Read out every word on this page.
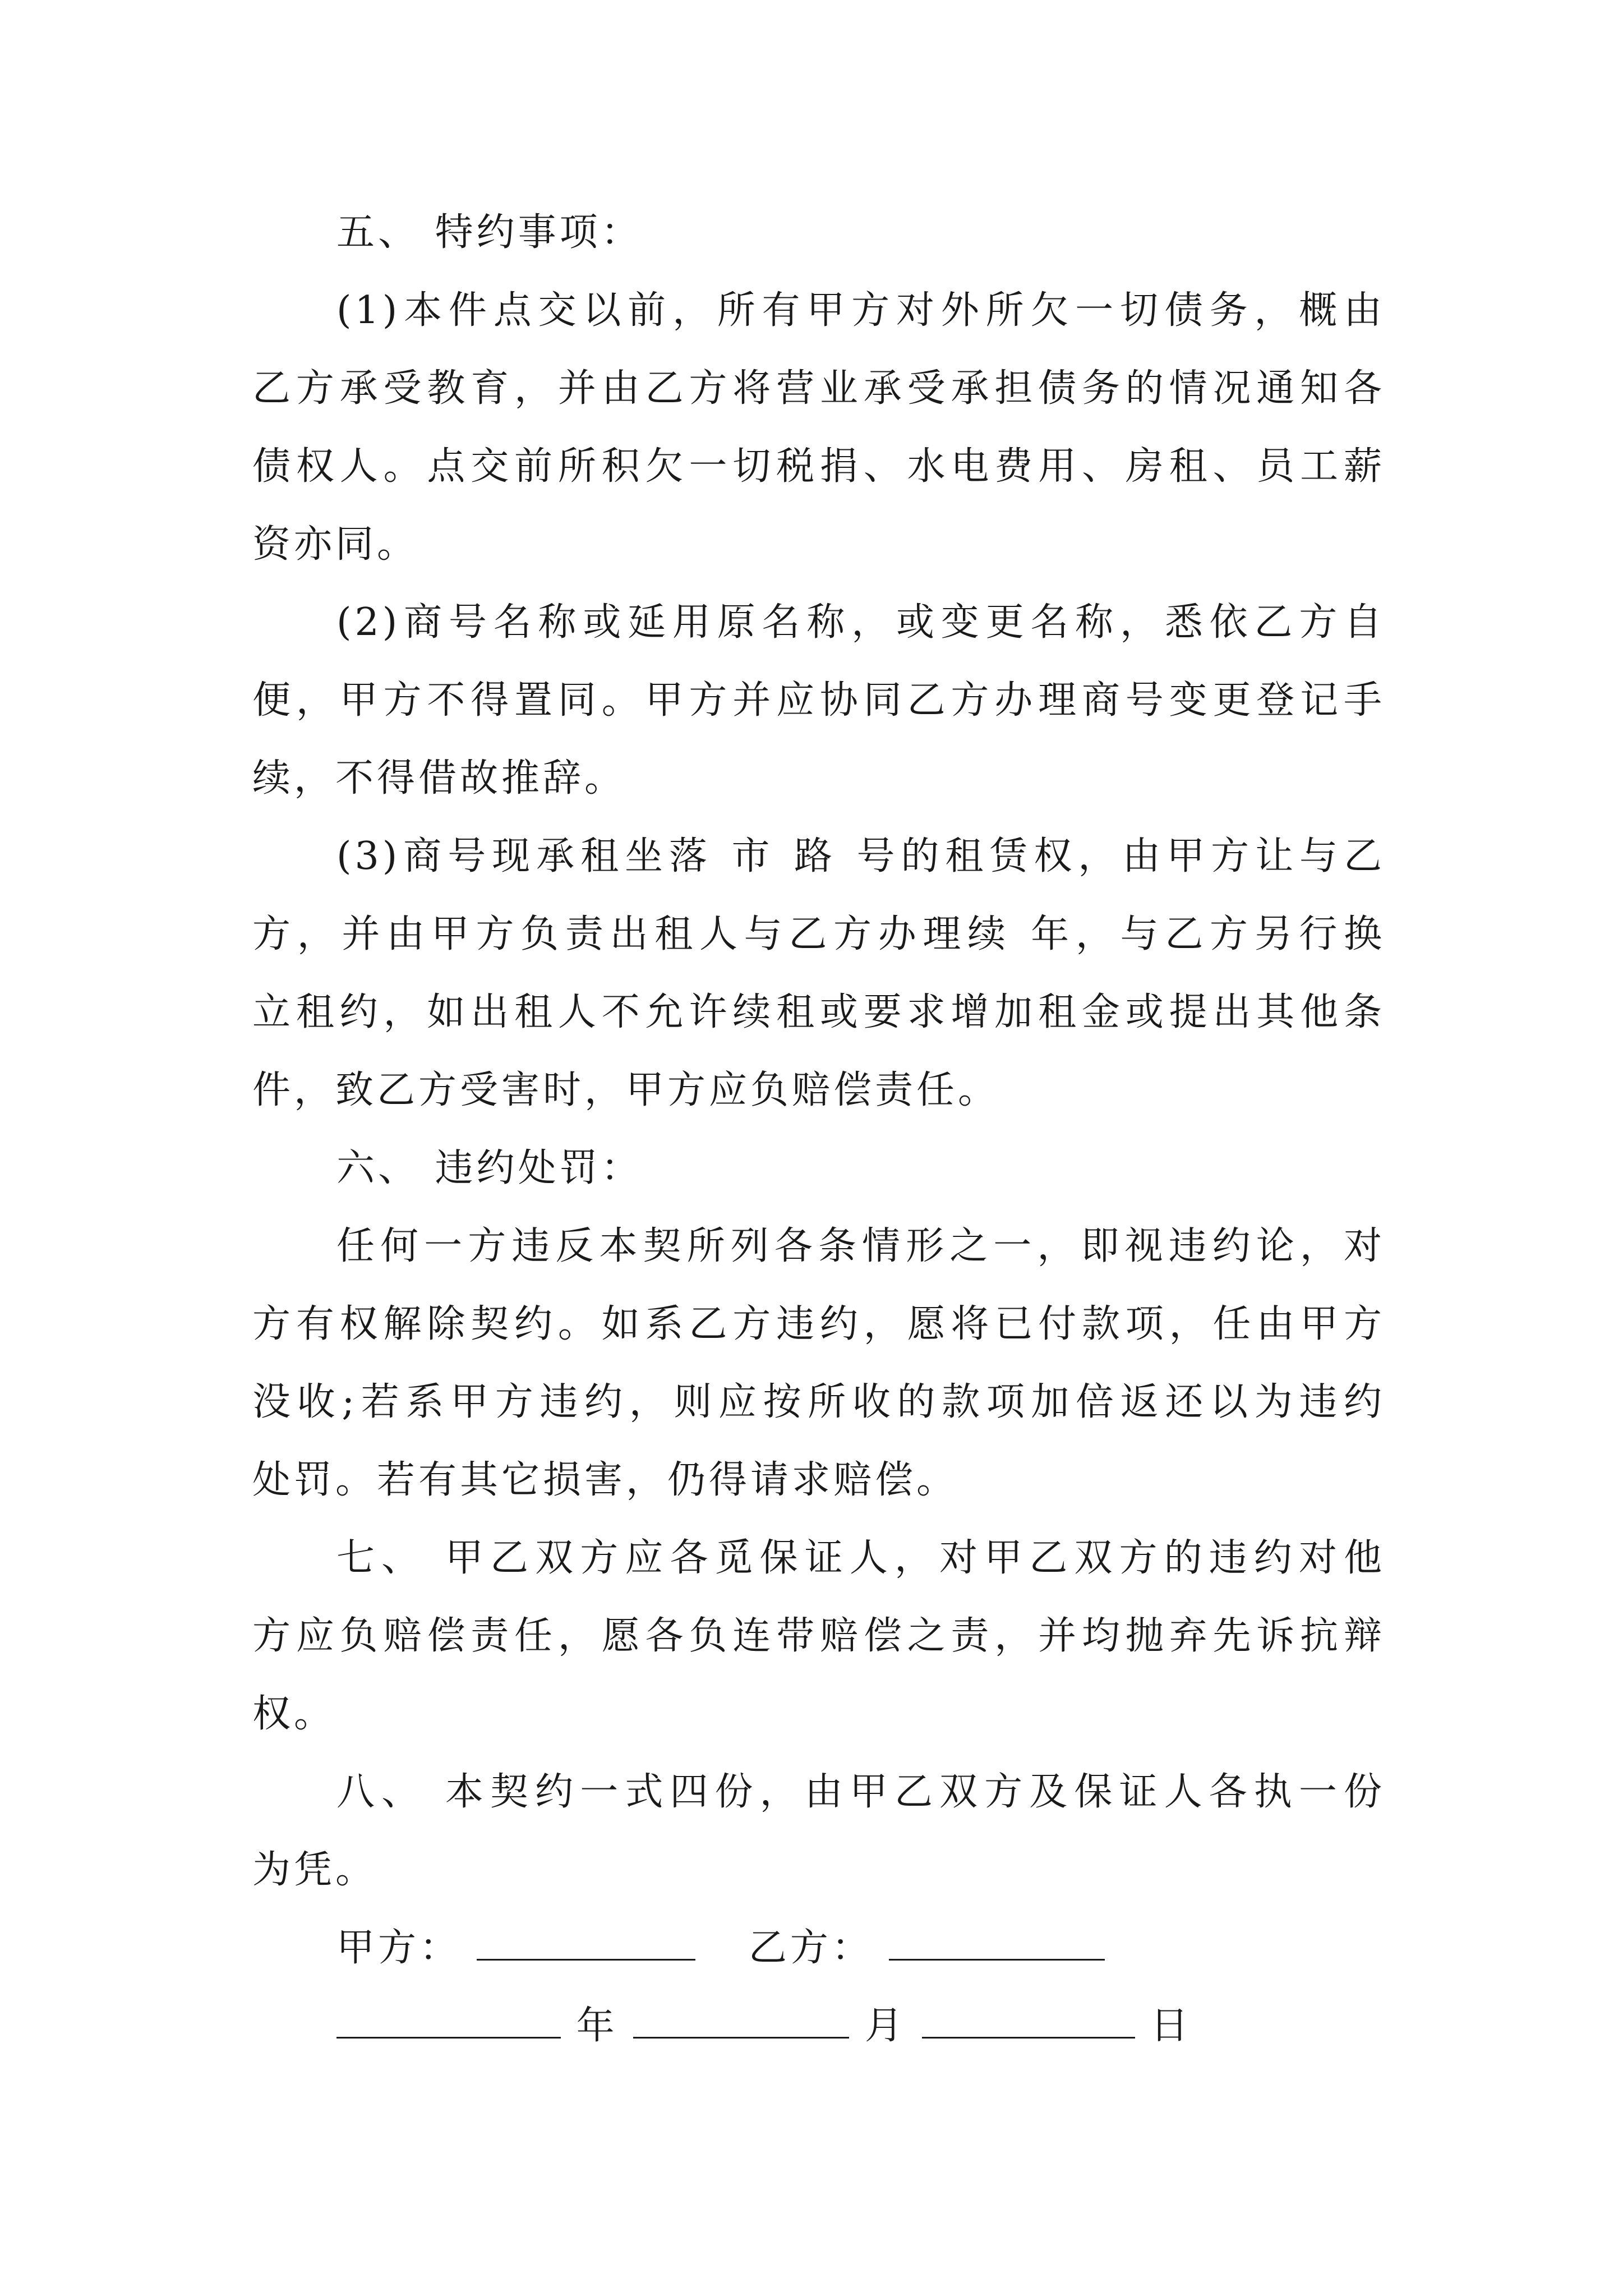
五、 特约事项：
(1)本件点交以前，所有甲方对外所欠一切债务，概由
乙方承受教育，并由乙方将营业承受承担债务的情况通知各
债权人。点交前所积欠一切税捐、水电费用、房租、员工薪
资亦同。
(2)商号名称或延用原名称，或变更名称，悉依乙方自
便，甲方不得置同。甲方并应协同乙方办理商号变更登记手
续，不得借故推辞。
(3)商号现承租坐落 市 路 号的租赁权，由甲方让与乙
方，并由甲方负责出租人与乙方办理续 年，与乙方另行换
立租约，如出租人不允许续租或要求增加租金或提出其他条
件，致乙方受害时，甲方应负赔偿责任。
六、 违约处罚：
任何一方违反本契所列各条情形之一，即视违约论，对
方有权解除契约。如系乙方违约，愿将已付款项，任由甲方
没收;若系甲方违约，则应按所收的款项加倍返还以为违约
处罚。若有其它损害，仍得请求赔偿。
七、 甲乙双方应各觅保证人，对甲乙双方的违约对他
方应负赔偿责任，愿各负连带赔偿之责，并均抛弃先诉抗辩
权。
八、 本契约一式四份，由甲乙双方及保证人各执一份
为凭。
甲方：	乙方：
年	月	日
